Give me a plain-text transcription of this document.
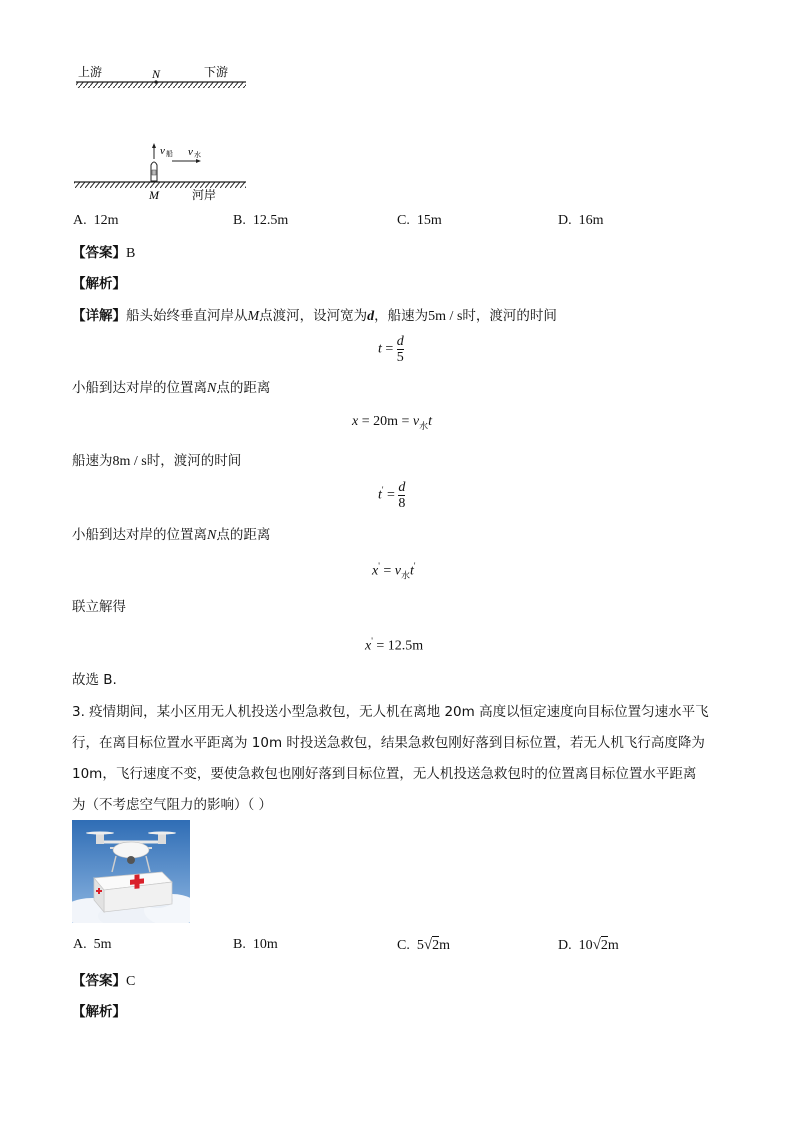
上游	N	下游
v 船 v 水
M	河岸
A. 12m	B. 12.5m	C. 15m	D. 16m
【答案】B
【解析】
【详解】船头始终垂直河岸从M点渡河，设河宽为d，船速为5m / s时，渡河的时间
$t = \frac{d}{5}$
小船到达对岸的位置离N点的距离
$x = 20m = v_水t$
船速为8m / s时，渡河的时间
$t' = \frac{d}{8}$
小船到达对岸的位置离N点的距离
$x' = v_水t'$
联立解得
x' = 12.5m
故选 B.
3. 疫情期间，某小区用无人机投送小型急救包，无人机在离地 20m 高度以恒定速度向目标位置匀速水平飞
行，在离目标位置水平距离为 10m 时投送急救包，结果急救包刚好落到目标位置，若无人机飞行高度降为
10m，飞行速度不变，要使急救包也刚好落到目标位置，无人机投送急救包时的位置离目标位置水平距离
为（不考虑空气阻力的影响）（ ）
A. 5m	B. 10m	C. 5√2m	D. 10√2m
【答案】C
【解析】
